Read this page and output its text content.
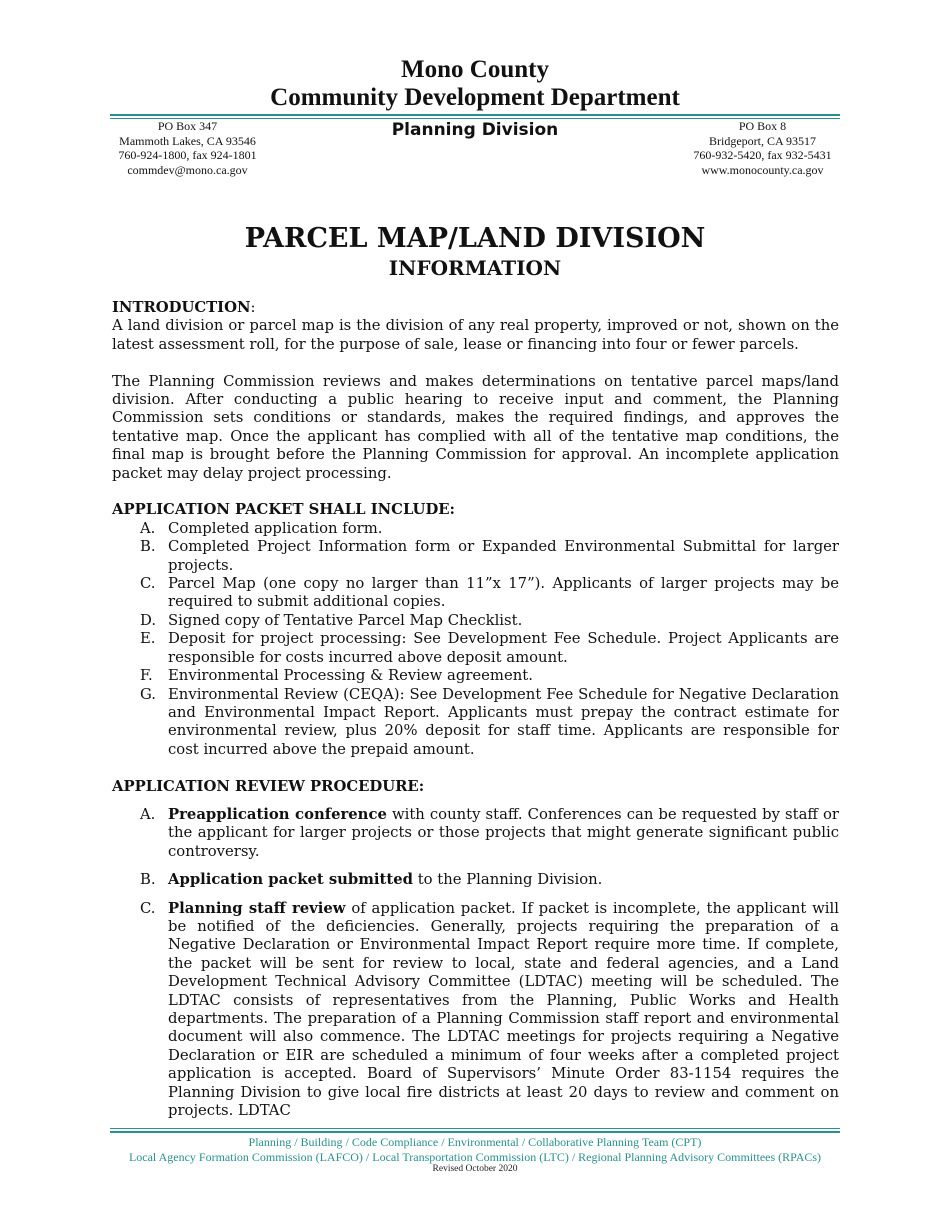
Mono County
Community Development Department
PO Box 347
Mammoth Lakes, CA 93546
760-924-1800, fax 924-1801
commdev@mono.ca.gov
Planning Division	PO Box 8
Bridgeport, CA 93517
760-932-5420, fax 932-5431
www.monocounty.ca.gov
PARCEL MAP/LAND DIVISION
INFORMATION

INTRODUCTION:

A land division or parcel map is the division of any real property, improved or not, shown on the latest assessment roll, for the purpose of sale, lease or financing into four or fewer parcels.

The Planning Commission reviews and makes determinations on tentative parcel maps/land division. After conducting a public hearing to receive input and comment, the Planning Commission sets conditions or standards, makes the required findings, and approves the tentative map. Once the applicant has complied with all of the tentative map conditions, the final map is brought before the Planning Commission for approval. An incomplete application packet may delay project processing.

APPLICATION PACKET SHALL INCLUDE:

A. Completed application form.
B. Completed Project Information form or Expanded Environmental Submittal for larger projects.
C. Parcel Map (one copy no larger than 11”x 17”). Applicants of larger projects may be required to submit additional copies.
D. Signed copy of Tentative Parcel Map Checklist.
E. Deposit for project processing: See Development Fee Schedule. Project Applicants are responsible for costs incurred above deposit amount.
F. Environmental Processing & Review agreement.
G. Environmental Review (CEQA): See Development Fee Schedule for Negative Declaration and Environmental Impact Report. Applicants must prepay the contract estimate for environmental review, plus 20% deposit for staff time. Applicants are responsible for cost incurred above the prepaid amount.

APPLICATION REVIEW PROCEDURE:

A. Preapplication conference with county staff. Conferences can be requested by staff or the applicant for larger projects or those projects that might generate significant public controversy.
B. Application packet submitted to the Planning Division.
C. Planning staff review of application packet. If packet is incomplete, the applicant will be notified of the deficiencies. Generally, projects requiring the preparation of a Negative Declaration or Environmental Impact Report require more time. If complete, the packet will be sent for review to local, state and federal agencies, and a Land Development Technical Advisory Committee (LDTAC) meeting will be scheduled. The LDTAC consists of representatives from the Planning, Public Works and Health departments. The preparation of a Planning Commission staff report and environmental document will also commence. The LDTAC meetings for projects requiring a Negative Declaration or EIR are scheduled a minimum of four weeks after a completed project application is accepted. Board of Supervisors’ Minute Order 83-1154 requires the Planning Division to give local fire districts at least 20 days to review and comment on projects. LDTAC
Planning / Building / Code Compliance / Environmental / Collaborative Planning Team (CPT)
Local Agency Formation Commission (LAFCO) / Local Transportation Commission (LTC) / Regional Planning Advisory Committees (RPACs)
Revised October 2020
